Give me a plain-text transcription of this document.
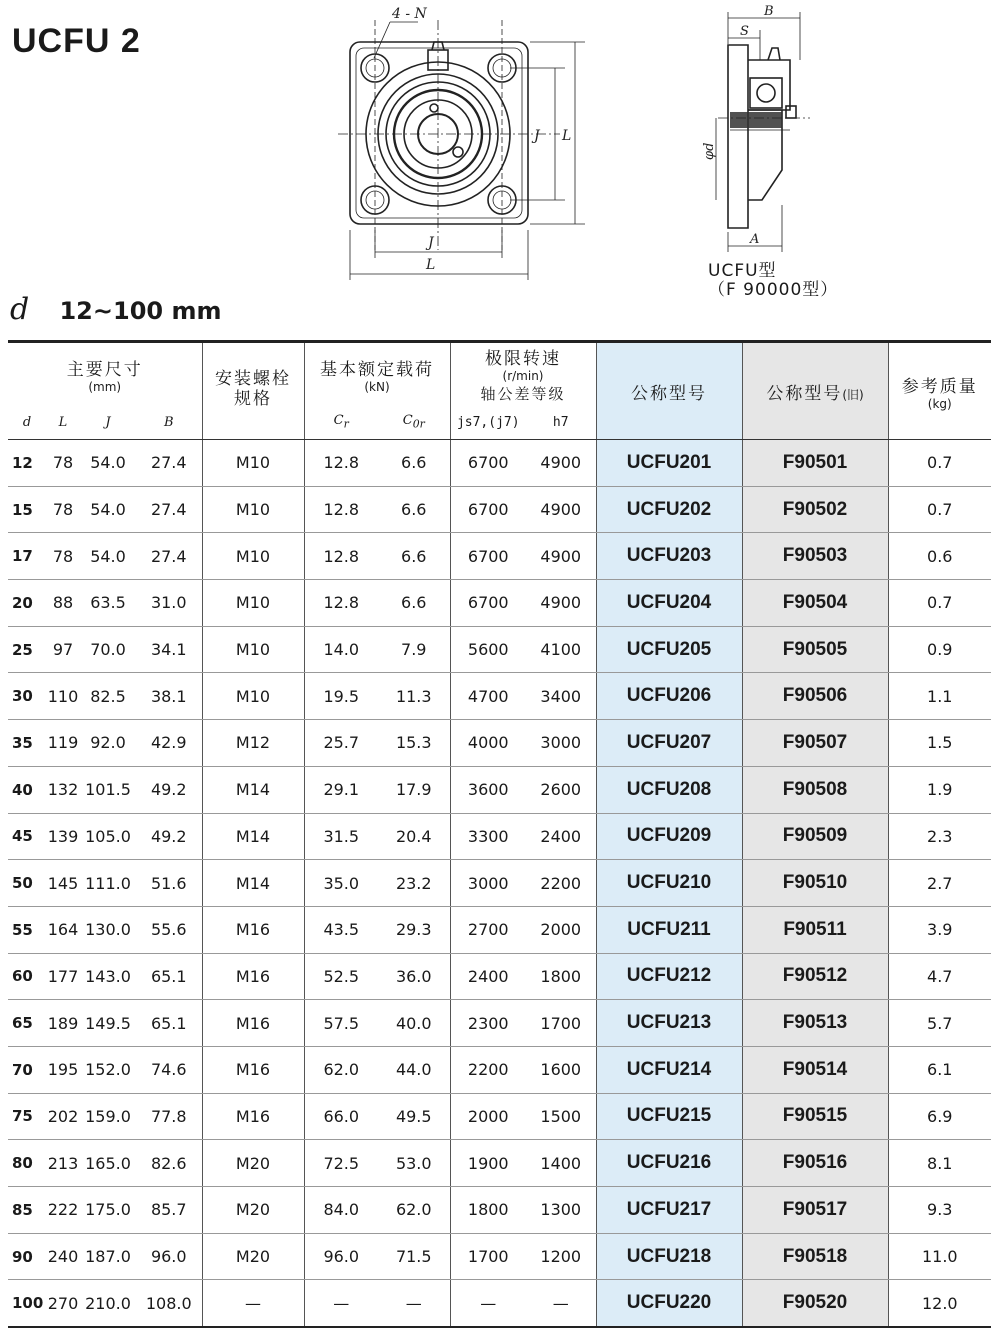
UCFU 2
4 - N
J L
J
L
B
S
φd
A
UCFU型
（F 90000型）
d 12~100 mm
主要尺寸
(mm)				安装螺栓
规格	基本额定载荷
(kN)		极限转速
(r/min)
轴公差等级		公称型号	公称型号(旧)	参考质量
(kg)

d	L	J	B		$C_r$	$C_{0r}$	js7,(j7)	h7			
12	78	54.0	27.4	M10	12.8	6.6	6700	4900	UCFU201	F90501	0.7
15	78	54.0	27.4	M10	12.8	6.6	6700	4900	UCFU202	F90502	0.7
17	78	54.0	27.4	M10	12.8	6.6	6700	4900	UCFU203	F90503	0.6
20	88	63.5	31.0	M10	12.8	6.6	6700	4900	UCFU204	F90504	0.7
25	97	70.0	34.1	M10	14.0	7.9	5600	4100	UCFU205	F90505	0.9
30	110	82.5	38.1	M10	19.5	11.3	4700	3400	UCFU206	F90506	1.1
35	119	92.0	42.9	M12	25.7	15.3	4000	3000	UCFU207	F90507	1.5
40	132	101.5	49.2	M14	29.1	17.9	3600	2600	UCFU208	F90508	1.9
45	139	105.0	49.2	M14	31.5	20.4	3300	2400	UCFU209	F90509	2.3
50	145	111.0	51.6	M14	35.0	23.2	3000	2200	UCFU210	F90510	2.7
55	164	130.0	55.6	M16	43.5	29.3	2700	2000	UCFU211	F90511	3.9
60	177	143.0	65.1	M16	52.5	36.0	2400	1800	UCFU212	F90512	4.7
65	189	149.5	65.1	M16	57.5	40.0	2300	1700	UCFU213	F90513	5.7
70	195	152.0	74.6	M16	62.0	44.0	2200	1600	UCFU214	F90514	6.1
75	202	159.0	77.8	M16	66.0	49.5	2000	1500	UCFU215	F90515	6.9
80	213	165.0	82.6	M20	72.5	53.0	1900	1400	UCFU216	F90516	8.1
85	222	175.0	85.7	M20	84.0	62.0	1800	1300	UCFU217	F90517	9.3
90	240	187.0	96.0	M20	96.0	71.5	1700	1200	UCFU218	F90518	11.0
100	270	210.0	108.0	—	—	—	—	—	UCFU220	F90520	12.0
